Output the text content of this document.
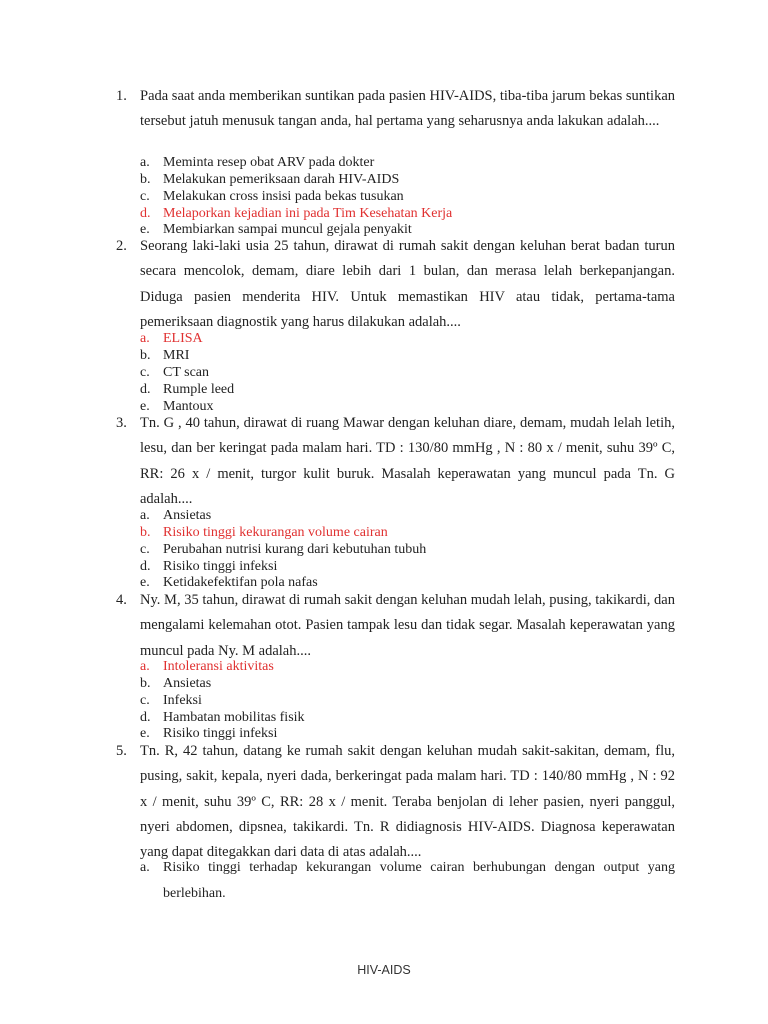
1. Pada saat anda memberikan suntikan pada pasien HIV-AIDS, tiba-tiba jarum bekas suntikan tersebut jatuh menusuk tangan anda, hal pertama yang seharusnya anda lakukan adalah....
a. Meminta resep obat ARV pada dokter
b. Melakukan pemeriksaan darah HIV-AIDS
c. Melakukan cross insisi pada bekas tusukan
d. Melaporkan kejadian ini pada Tim Kesehatan Kerja
e. Membiarkan sampai muncul gejala penyakit
2. Seorang laki-laki usia 25 tahun, dirawat di rumah sakit dengan keluhan berat badan turun secara mencolok, demam, diare lebih dari 1 bulan, dan merasa lelah berkepanjangan. Diduga pasien menderita HIV. Untuk memastikan HIV atau tidak, pertama-tama pemeriksaan diagnostik yang harus dilakukan adalah....
a. ELISA
b. MRI
c. CT scan
d. Rumple leed
e. Mantoux
3. Tn. G , 40 tahun, dirawat di ruang Mawar dengan keluhan diare, demam, mudah lelah letih, lesu, dan ber keringat pada malam hari. TD : 130/80 mmHg , N : 80 x / menit, suhu 39º C, RR: 26 x / menit, turgor kulit buruk. Masalah keperawatan yang muncul pada Tn. G adalah....
a. Ansietas
b. Risiko tinggi kekurangan volume cairan
c. Perubahan nutrisi kurang dari kebutuhan tubuh
d. Risiko tinggi infeksi
e. Ketidakefektifan pola nafas
4. Ny. M, 35 tahun, dirawat di rumah sakit dengan keluhan mudah lelah, pusing, takikardi, dan mengalami kelemahan otot. Pasien tampak lesu dan tidak segar. Masalah keperawatan yang muncul pada Ny. M adalah....
a. Intoleransi aktivitas
b. Ansietas
c. Infeksi
d. Hambatan mobilitas fisik
e. Risiko tinggi infeksi
5. Tn. R, 42 tahun, datang ke rumah sakit dengan keluhan mudah sakit-sakitan, demam, flu, pusing, sakit, kepala, nyeri dada, berkeringat pada malam hari. TD : 140/80 mmHg , N : 92 x / menit, suhu 39º C, RR: 28 x / menit. Teraba benjolan di leher pasien, nyeri panggul, nyeri abdomen, dipsnea, takikardi. Tn. R didiagnosis HIV-AIDS. Diagnosa keperawatan yang dapat ditegakkan dari data di atas adalah....
a. Risiko tinggi terhadap kekurangan volume cairan berhubungan dengan output yang berlebihan.
HIV-AIDS
